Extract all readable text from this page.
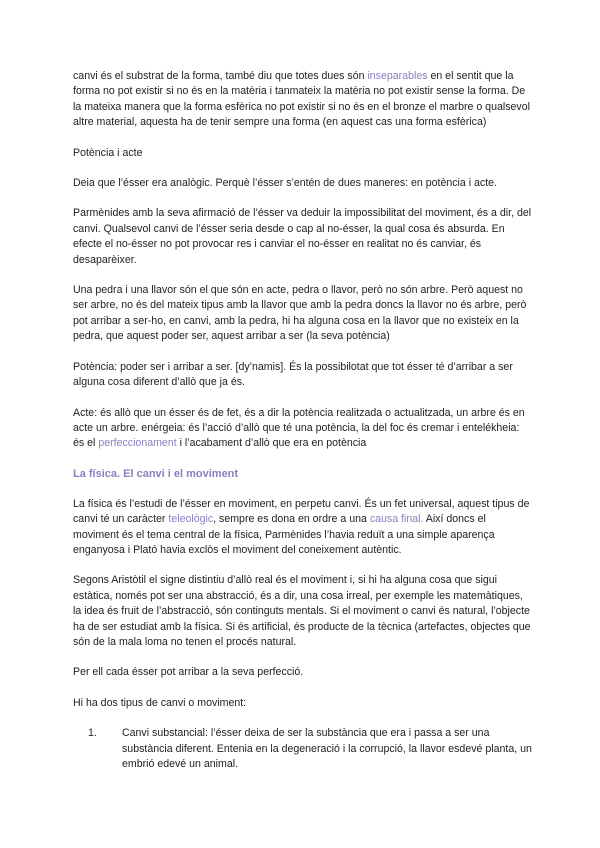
canvi és el substrat de la forma, també diu que totes dues són inseparables en el sentit que la forma no pot existir si no és en la matèria i tanmateix la matèria no pot existir sense la forma. De la mateixa manera que la forma esfèrica no pot existir si no és en el bronze el marbre o qualsevol altre material, aquesta ha de tenir sempre una forma (en aquest cas una forma esfèrica)

Potència i acte

Deia que l’ésser era analògic. Perquè l’ésser s’entén de dues maneres: en potència i acte.

Parmènides amb la seva afirmació de l’ésser va deduir la impossibilitat del moviment, és a dir, del canvi. Qualsevol canvi de l’ésser seria desde o cap al no-ésser, la qual cosa és absurda. En efecte el no-ésser no pot provocar res i canviar el no-ésser en realitat no és canviar, és desaparèixer.

Una pedra i una llavor són el que són en acte, pedra o llavor, però no són arbre. Però aquest no ser arbre, no és del mateix tipus amb la llavor que amb la pedra doncs la llavor no és arbre, però pot arribar a ser-ho, en canvi, amb la pedra, hi ha alguna cosa en la llavor que no existeix en la pedra, que aquest poder ser, aquest arribar a ser (la seva potència)

Potència: poder ser i arribar a ser. [dy’namis]. És la possibilotat que tot ésser té d’arribar a ser alguna cosa diferent d’allò que ja és.

Acte: és allò que un ésser és de fet, és a dir la potència realitzada o actualitzada, un arbre és en acte un arbre. enérgeia: és l’acció d’allò que té una potència, la del foc és cremar i entelékheia: és el perfeccionament i l’acabament d’allò que era en potència

La física. El canvi i el moviment

La física és l’estudi de l’ésser en moviment, en perpetu canvi. És un fet universal, aquest tipus de canvi té un caràcter teleològic, sempre es dona en ordre a una causa final. Així doncs el moviment és el tema central de la física, Parmènides l’havia reduït a una simple aparença enganyosa i Plató havia exclòs el moviment del coneixement autèntic.

Segons Aristòtil el signe distintiu d’allò real és el moviment i, si hi ha alguna cosa que sigui estàtica, només pot ser una abstracció, és a dir, una cosa irreal, per exemple les matemàtiques, la idea és fruit de l’abstracció, són continguts mentals. Si el moviment o canvi és natural, l’objecte ha de ser estudiat amb la física. Si és artificial, és producte de la tècnica (artefactes, objectes que són de la mala loma no tenen el procés natural.

Per ell cada ésser pot arribar a la seva perfecció.

Hi ha dos tipus de canvi o moviment:

1. Canvi substancial: l’ésser deixa de ser la substància que era i passa a ser una substància diferent. Entenia en la degeneració i la corrupció, la llavor esdevé planta, un embrió edevé un animal.
